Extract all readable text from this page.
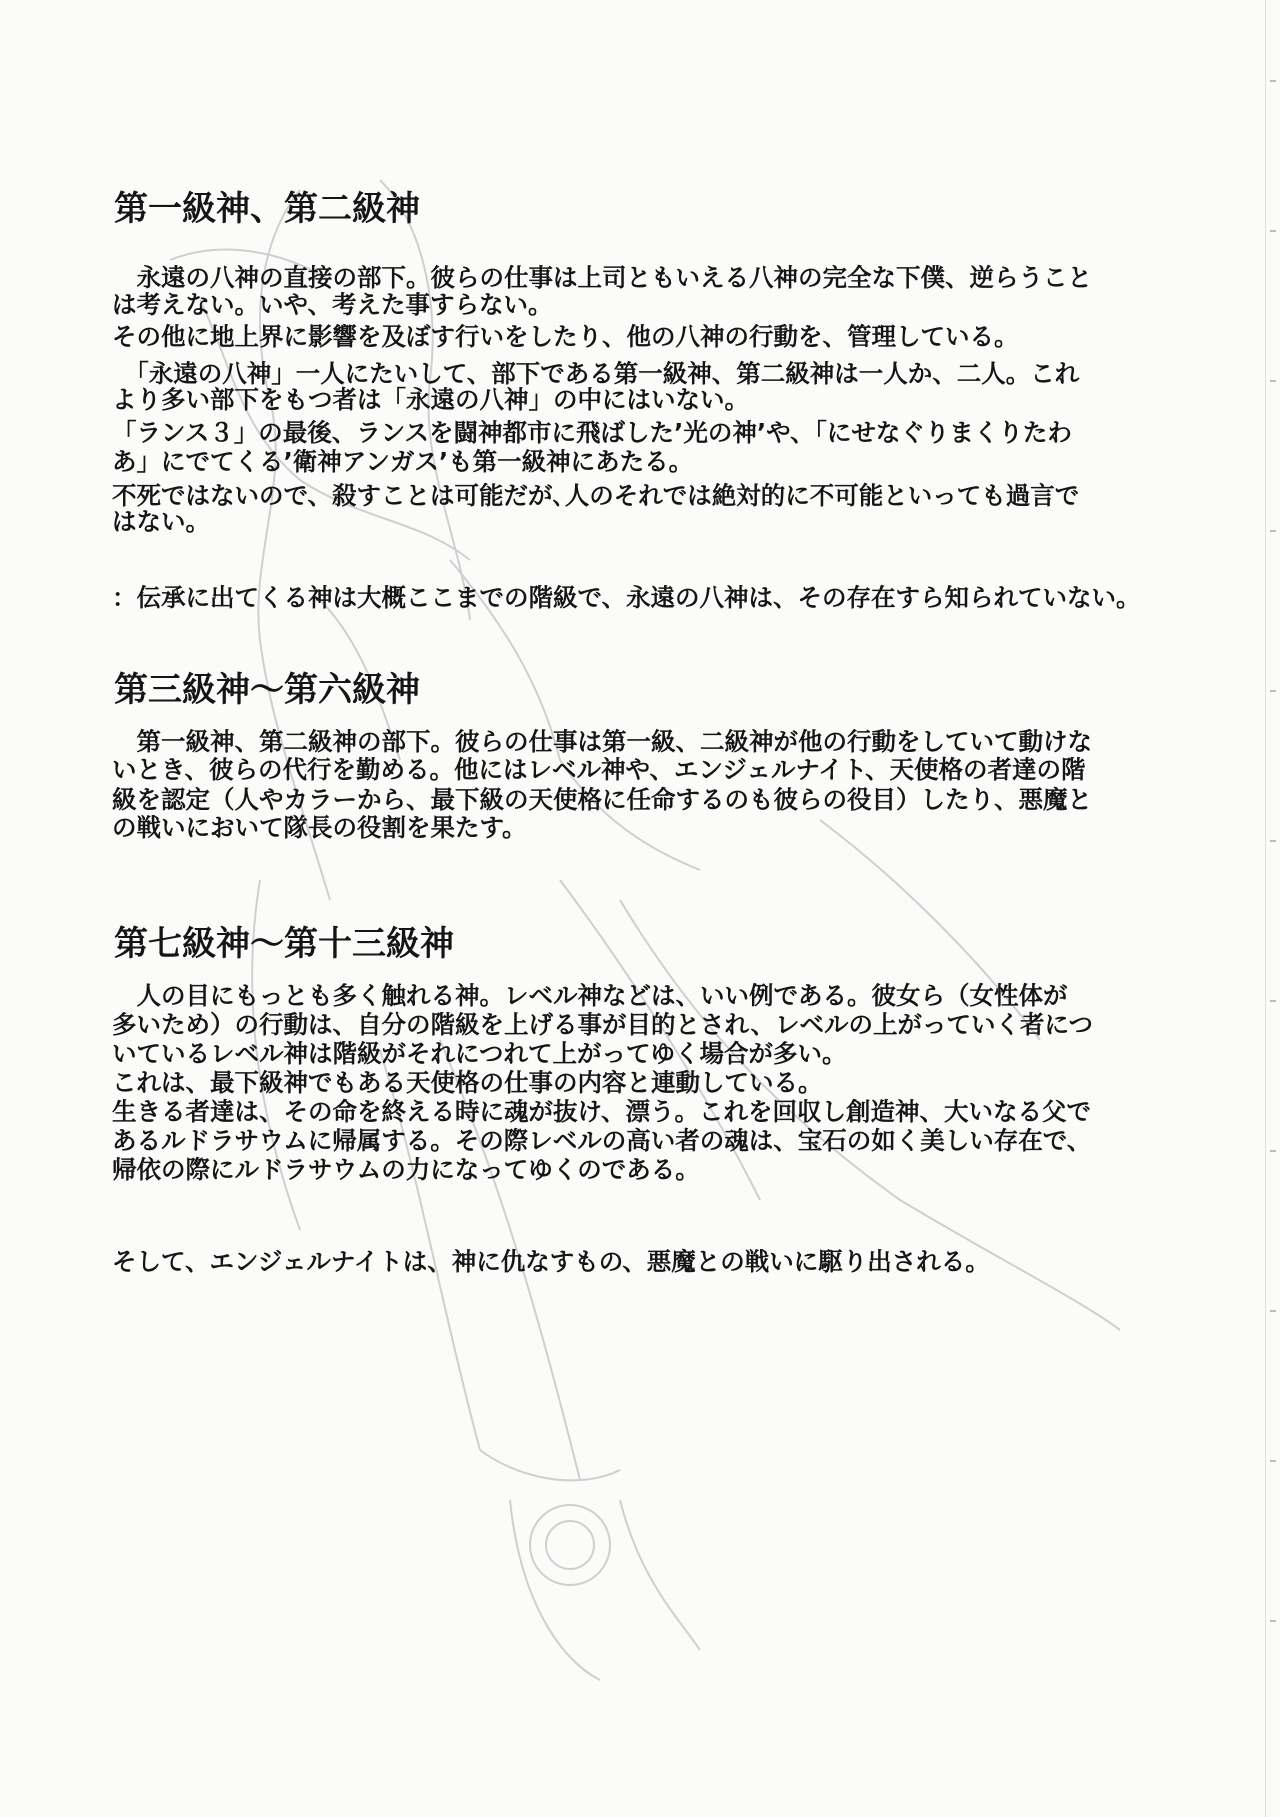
第一級神、第二級神
　永遠の八神の直接の部下。彼らの仕事は上司ともいえる八神の完全な下僕、逆らうこと
は考えない。いや、考えた事すらない。
その他に地上界に影響を及ぼす行いをしたり、他の八神の行動を、管理している。
　「永遠の八神」一人にたいして、部下である第一級神、第二級神は一人か、二人。これ
より多い部下をもつ者は「永遠の八神」の中にはいない。
「ランス３」の最後、ランスを闘神都市に飛ばした’光の神’や、「にせなぐりまくりたわ
あ」にでてくる’衛神アンガス’も第一級神にあたる。
不死ではないので、殺すことは可能だが､人のそれでは絶対的に不可能といっても過言で
はない。
：伝承に出てくる神は大概ここまでの階級で、永遠の八神は、その存在すら知られていない。
第三級神～第六級神
　第一級神、第二級神の部下。彼らの仕事は第一級、二級神が他の行動をしていて動けな
いとき、彼らの代行を勤める。他にはレベル神や、エンジェルナイト、天使格の者達の階
級を認定（人やカラーから、最下級の天使格に任命するのも彼らの役目）したり、悪魔と
の戦いにおいて隊長の役割を果たす。
第七級神～第十三級神
　人の目にもっとも多く触れる神。レベル神などは、いい例である。彼女ら（女性体が
多いため）の行動は、自分の階級を上げる事が目的とされ、レベルの上がっていく者につ
いているレベル神は階級がそれにつれて上がってゆく場合が多い。
これは、最下級神でもある天使格の仕事の内容と連動している。
生きる者達は、その命を終える時に魂が抜け、漂う。これを回収し創造神、大いなる父で
あるルドラサウムに帰属する。その際レベルの高い者の魂は、宝石の如く美しい存在で、
帰依の際にルドラサウムの力になってゆくのである。
そして、エンジェルナイトは、神に仇なすもの、悪魔との戦いに駆り出される。
